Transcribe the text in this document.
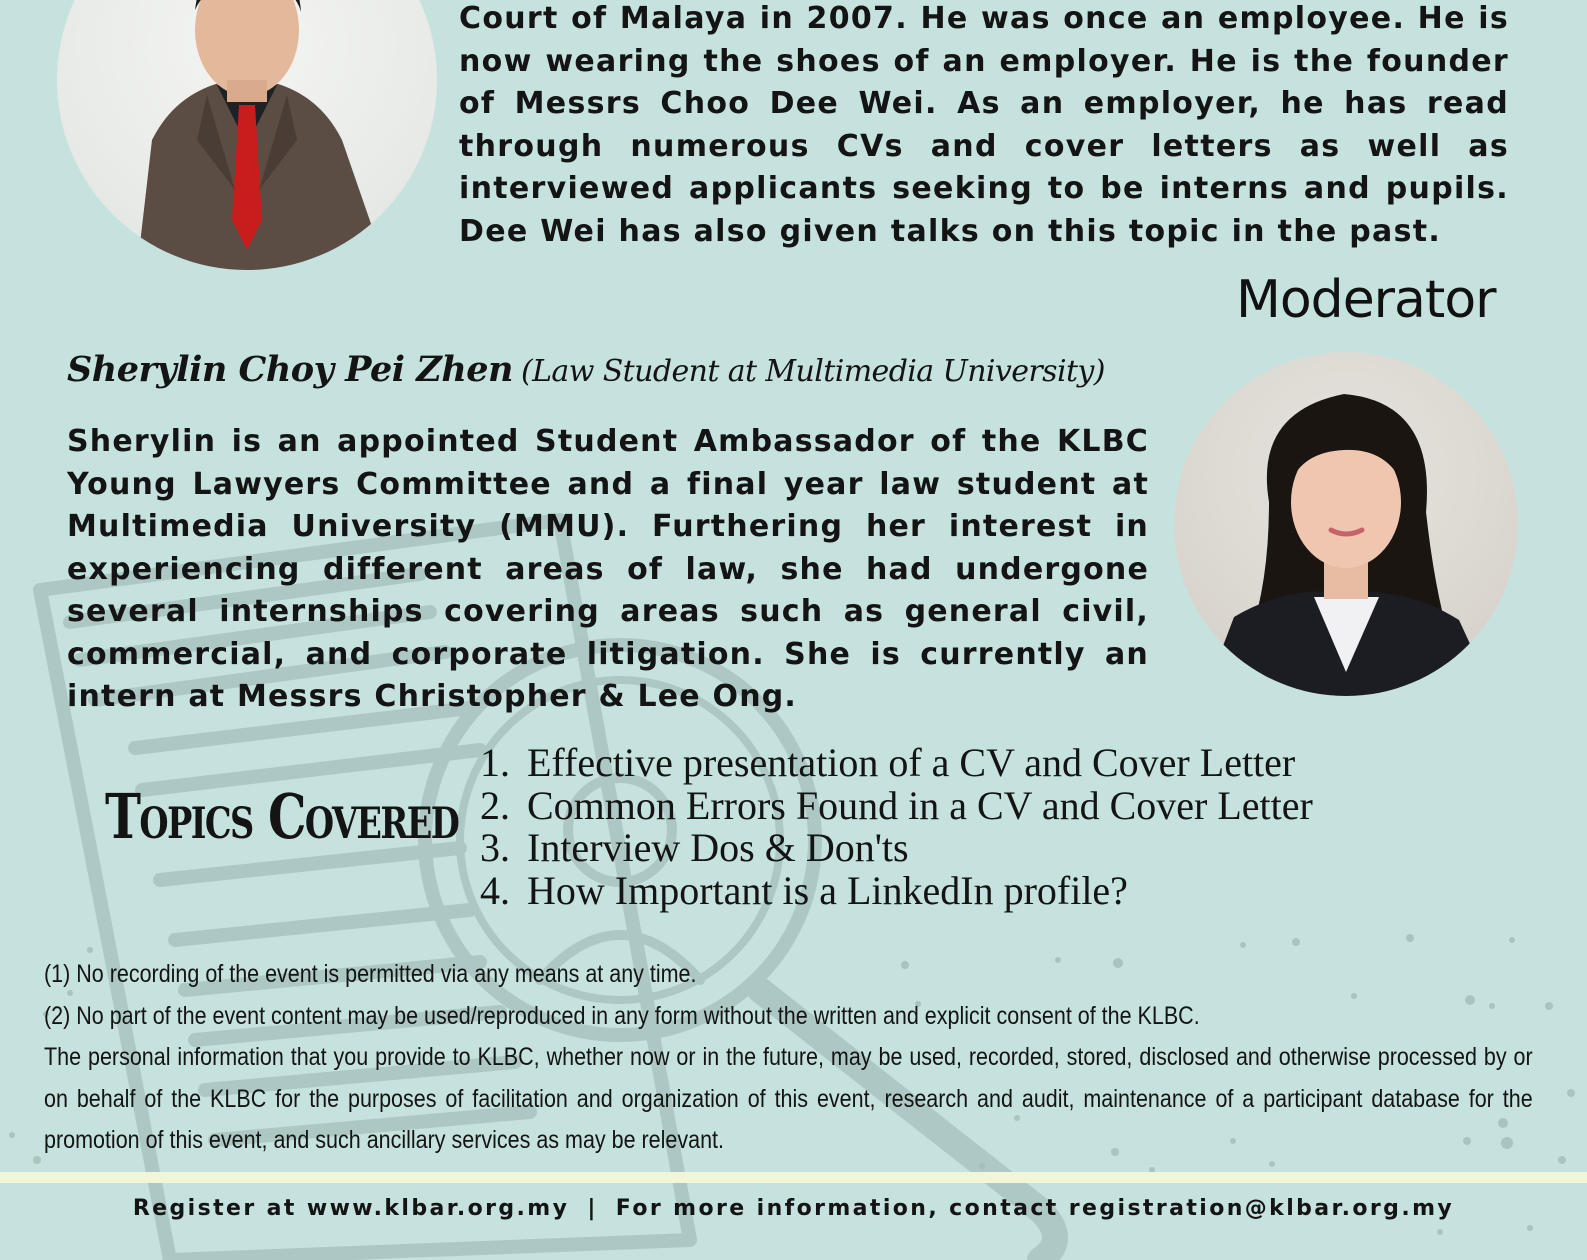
Court of Malaya in 2007. He was once an employee. He is now wearing the shoes of an employer. He is the founder of Messrs Choo Dee Wei. As an employer, he has read through numerous CVs and cover letters as well as interviewed applicants seeking to be interns and pupils. Dee Wei has also given talks on this topic in the past.
Moderator
Sherylin Choy Pei Zhen (Law Student at Multimedia University)
Sherylin is an appointed Student Ambassador of the KLBC Young Lawyers Committee and a final year law student at Multimedia University (MMU). Furthering her interest in experiencing different areas of law, she had undergone several internships covering areas such as general civil, commercial, and corporate litigation. She is currently an intern at Messrs Christopher & Lee Ong.
Topics Covered
1. Effective presentation of a CV and Cover Letter
2. Common Errors Found in a CV and Cover Letter
3. Interview Dos & Don'ts
4. How Important is a LinkedIn profile?

(1) No recording of the event is permitted via any means at any time.

(2) No part of the event content may be used/reproduced in any form without the written and explicit consent of the KLBC.

The personal information that you provide to KLBC, whether now or in the future, may be used, recorded, stored, disclosed and otherwise processed by or on behalf of the KLBC for the purposes of facilitation and organization of this event, research and audit, maintenance of a participant database for the promotion of this event, and such ancillary services as may be relevant.

Register at www.klbar.org.my | For more information, contact registration@klbar.org.my
